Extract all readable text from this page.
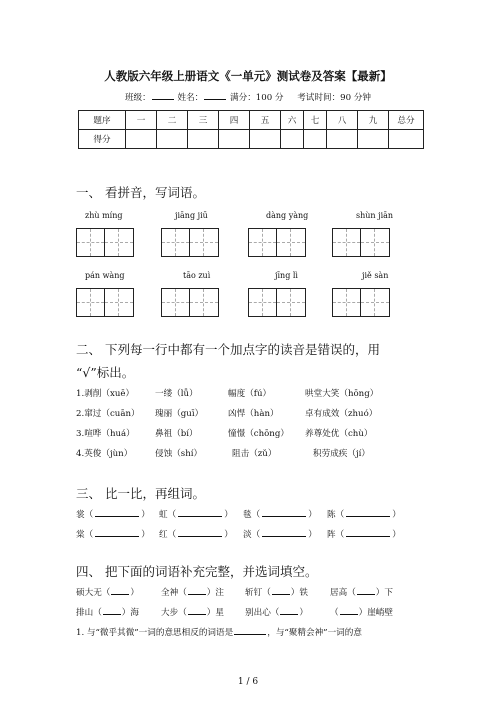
人教版六年级上册语文《一单元》测试卷及答案【最新】
班级：	姓名：	满分：100 分 考试时间：90 分钟
题序	一	二	三	四	五	六	七	八	九	总分
得分										
一、 看拼音，写词语。
zhù míng	jiāng jiū	dàng yàng	shùn jiān
pán wàng	tāo zuì	jīng lì	jiě sàn
二、 下列每一行中都有一个加点字的读音是错误的，用
“√”标出。
1.剥削（xuē） 一缕（lǚ）	幅度（fú）	哄堂大笑（hōng）
2.窜过（cuān） 瑰丽（guī）	凶悍（hàn）	卓有成效（zhuó）
3.喧哗（huá） 鼻祖（bí）	憧憬（chōng） 养尊处优（chù）
4.英俊（jùn）	侵蚀（shí）	阻击（zǔ）	积劳成疾（jí）
三、 比一比，再组词。
裳（	） 虹（	） 毯（	） 陈（	）
棠（	） 红（	） 淡（	） 阵（	）
四、 把下面的词语补充完整，并选词填空。
硕大无（ ）	全神（ ）注 斩钉（ ）铁	居高（ ）下
排山（ ）海	大步（ ）星 别出心（ ）	（ ）崖峭壁
1. 与“微乎其微”一词的意思相反的词语是	，与“聚精会神”一词的意
1 / 6
